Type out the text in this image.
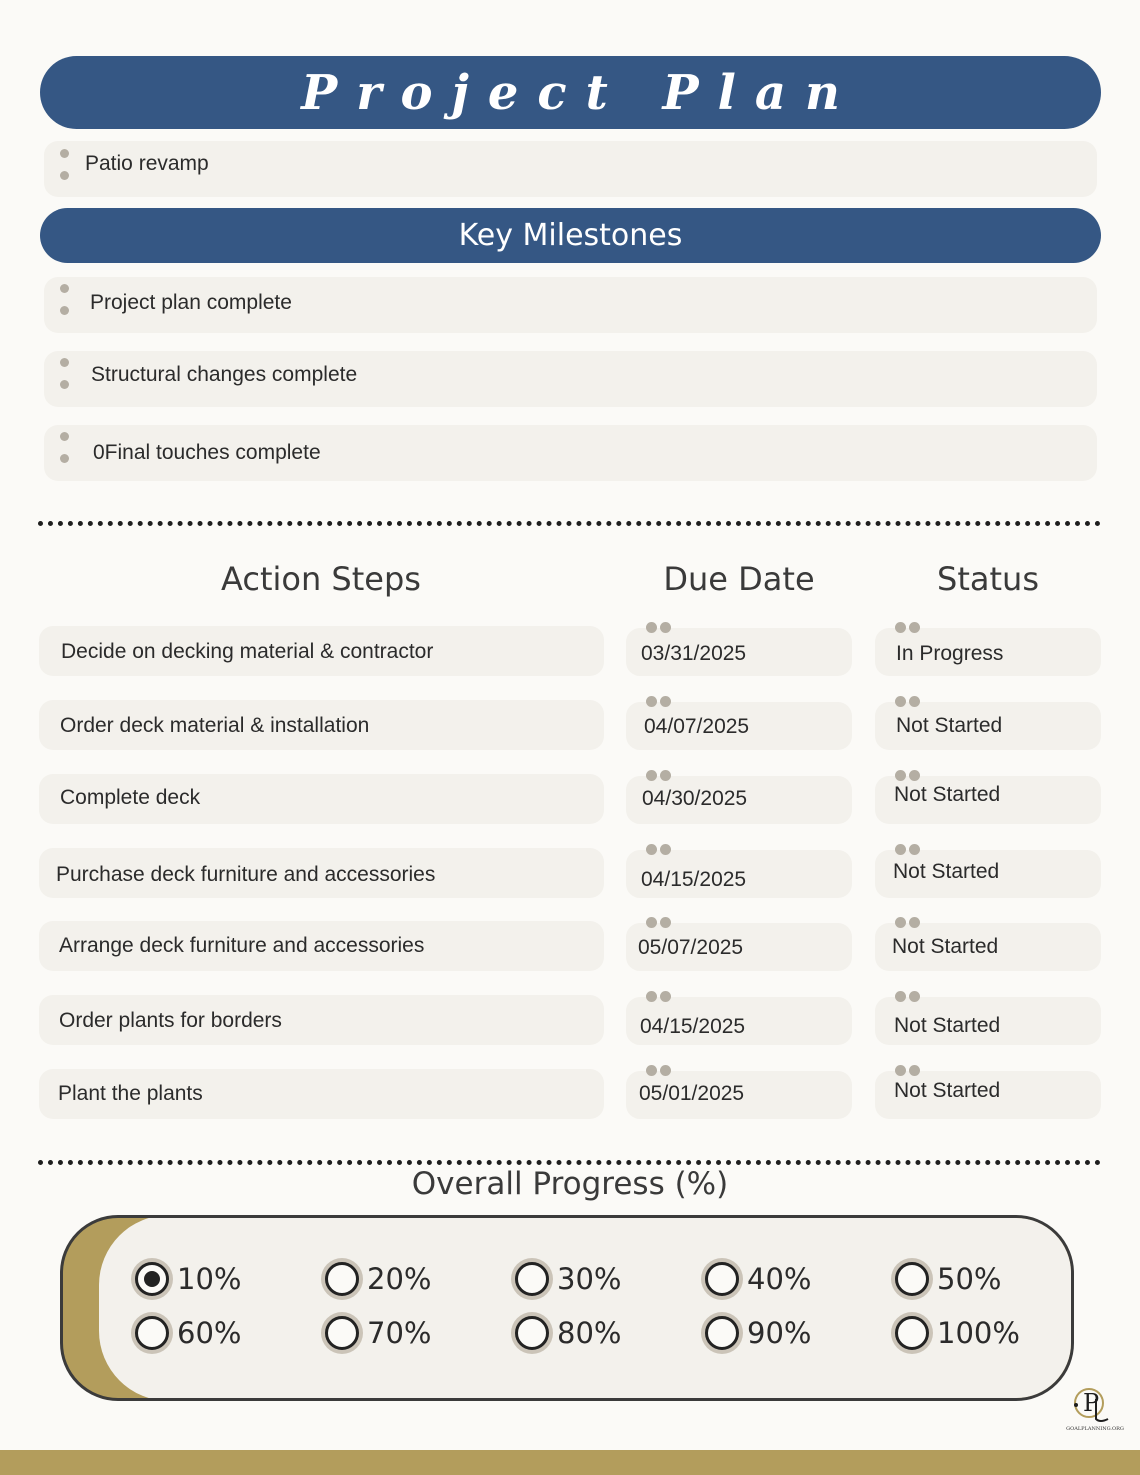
Project Plan
Patio revamp
Key Milestones
Project plan complete
Structural changes complete
0Final touches complete
Action Steps	Due Date	Status
Decide on decking material & contractor	03/31/2025	In Progress
Order deck material & installation	04/07/2025	Not Started
Complete deck	04/30/2025	Not Started
Purchase deck furniture and accessories	04/15/2025	Not Started
Arrange deck furniture and accessories	05/07/2025	Not Started
Order plants for borders	04/15/2025	Not Started
Plant the plants	05/01/2025	Not Started
Overall Progress (%)
10%	20%	30%	40%	50%
60%	70%	80%	90%	100%
P
GOALPLANNING.ORG
